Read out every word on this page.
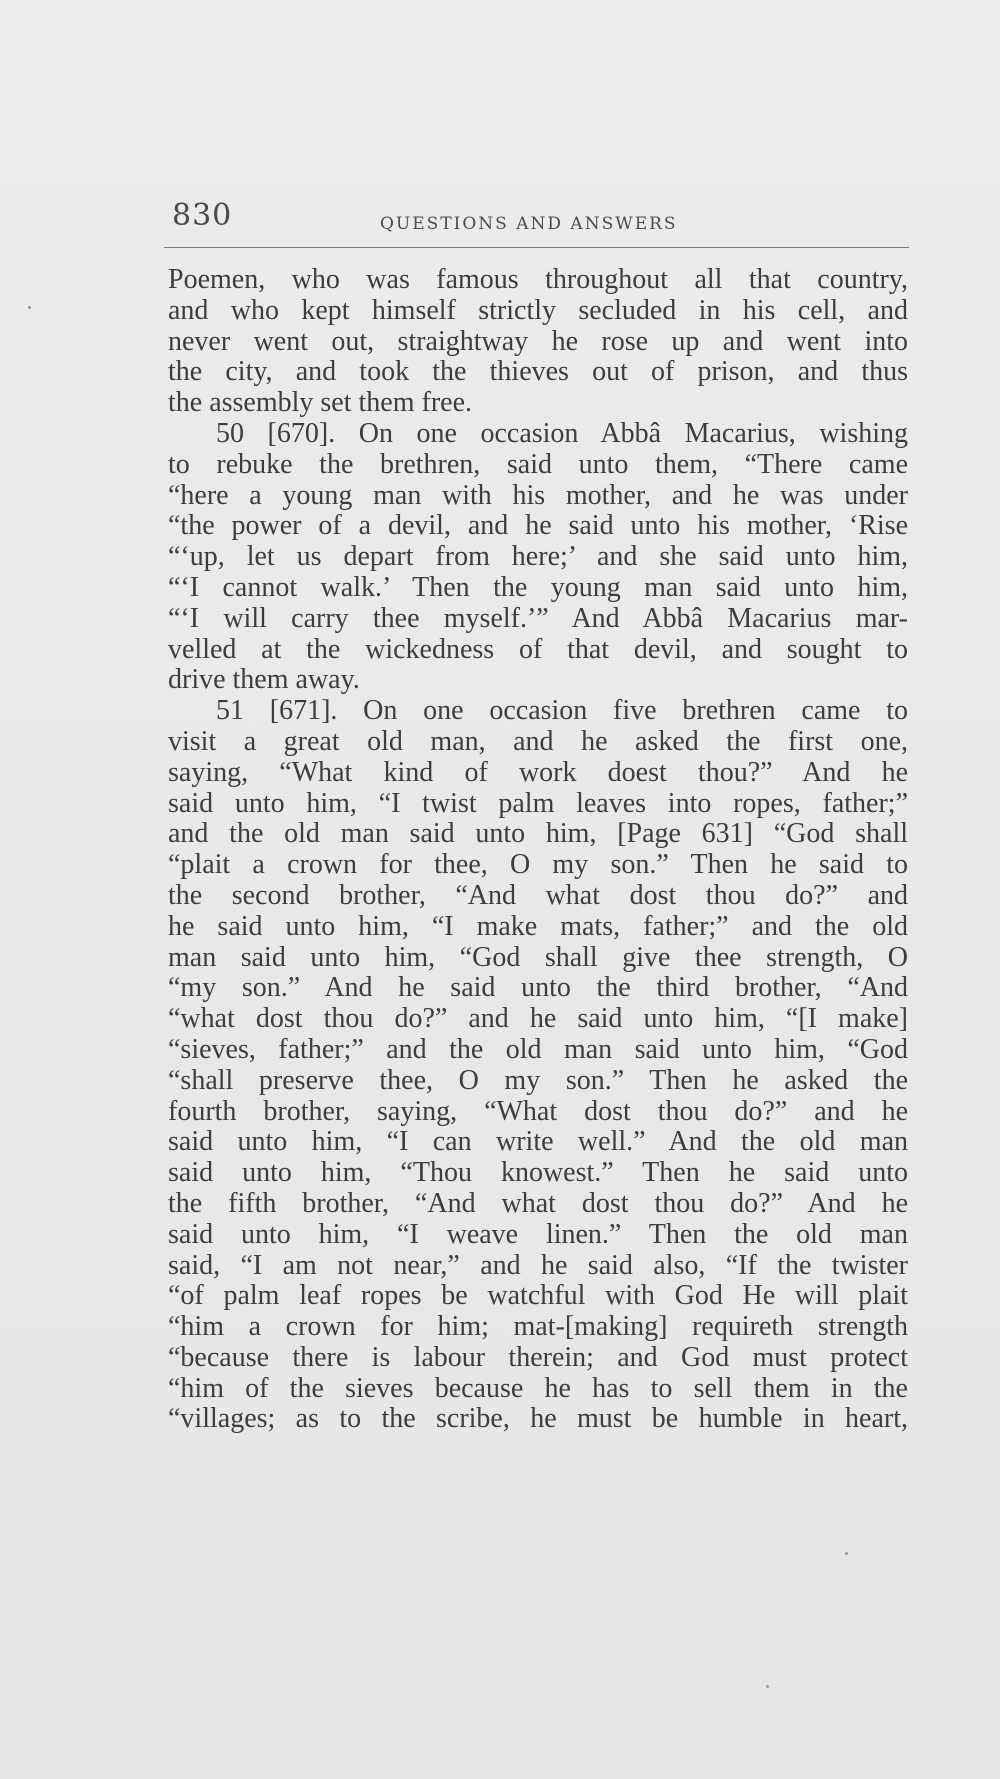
830	QUESTIONS AND ANSWERS
Poemen, who was famous throughout all that country,
and who kept himself strictly secluded in his cell, and
never went out, straightway he rose up and went into
the city, and took the thieves out of prison, and thus
the assembly set them free.
50 [670]. On one occasion Abbâ Macarius, wishing
to rebuke the brethren, said unto them, “There came
“here a young man with his mother, and he was under
“the power of a devil, and he said unto his mother, ‘Rise
“‘up, let us depart from here;’ and she said unto him,
“‘I cannot walk.’ Then the young man said unto him,
“‘I will carry thee myself.’” And Abbâ Macarius mar-
velled at the wickedness of that devil, and sought to
drive them away.
51 [671]. On one occasion five brethren came to
visit a great old man, and he asked the first one,
saying, “What kind of work doest thou?” And he
said unto him, “I twist palm leaves into ropes, father;”
and the old man said unto him, [Page 631] “God shall
“plait a crown for thee, O my son.” Then he said to
the second brother, “And what dost thou do?” and
he said unto him, “I make mats, father;” and the old
man said unto him, “God shall give thee strength, O
“my son.” And he said unto the third brother, “And
“what dost thou do?” and he said unto him, “[I make]
“sieves, father;” and the old man said unto him, “God
“shall preserve thee, O my son.” Then he asked the
fourth brother, saying, “What dost thou do?” and he
said unto him, “I can write well.” And the old man
said unto him, “Thou knowest.” Then he said unto
the fifth brother, “And what dost thou do?” And he
said unto him, “I weave linen.” Then the old man
said, “I am not near,” and he said also, “If the twister
“of palm leaf ropes be watchful with God He will plait
“him a crown for him; mat-[making] requireth strength
“because there is labour therein; and God must protect
“him of the sieves because he has to sell them in the
“villages; as to the scribe, he must be humble in heart,
